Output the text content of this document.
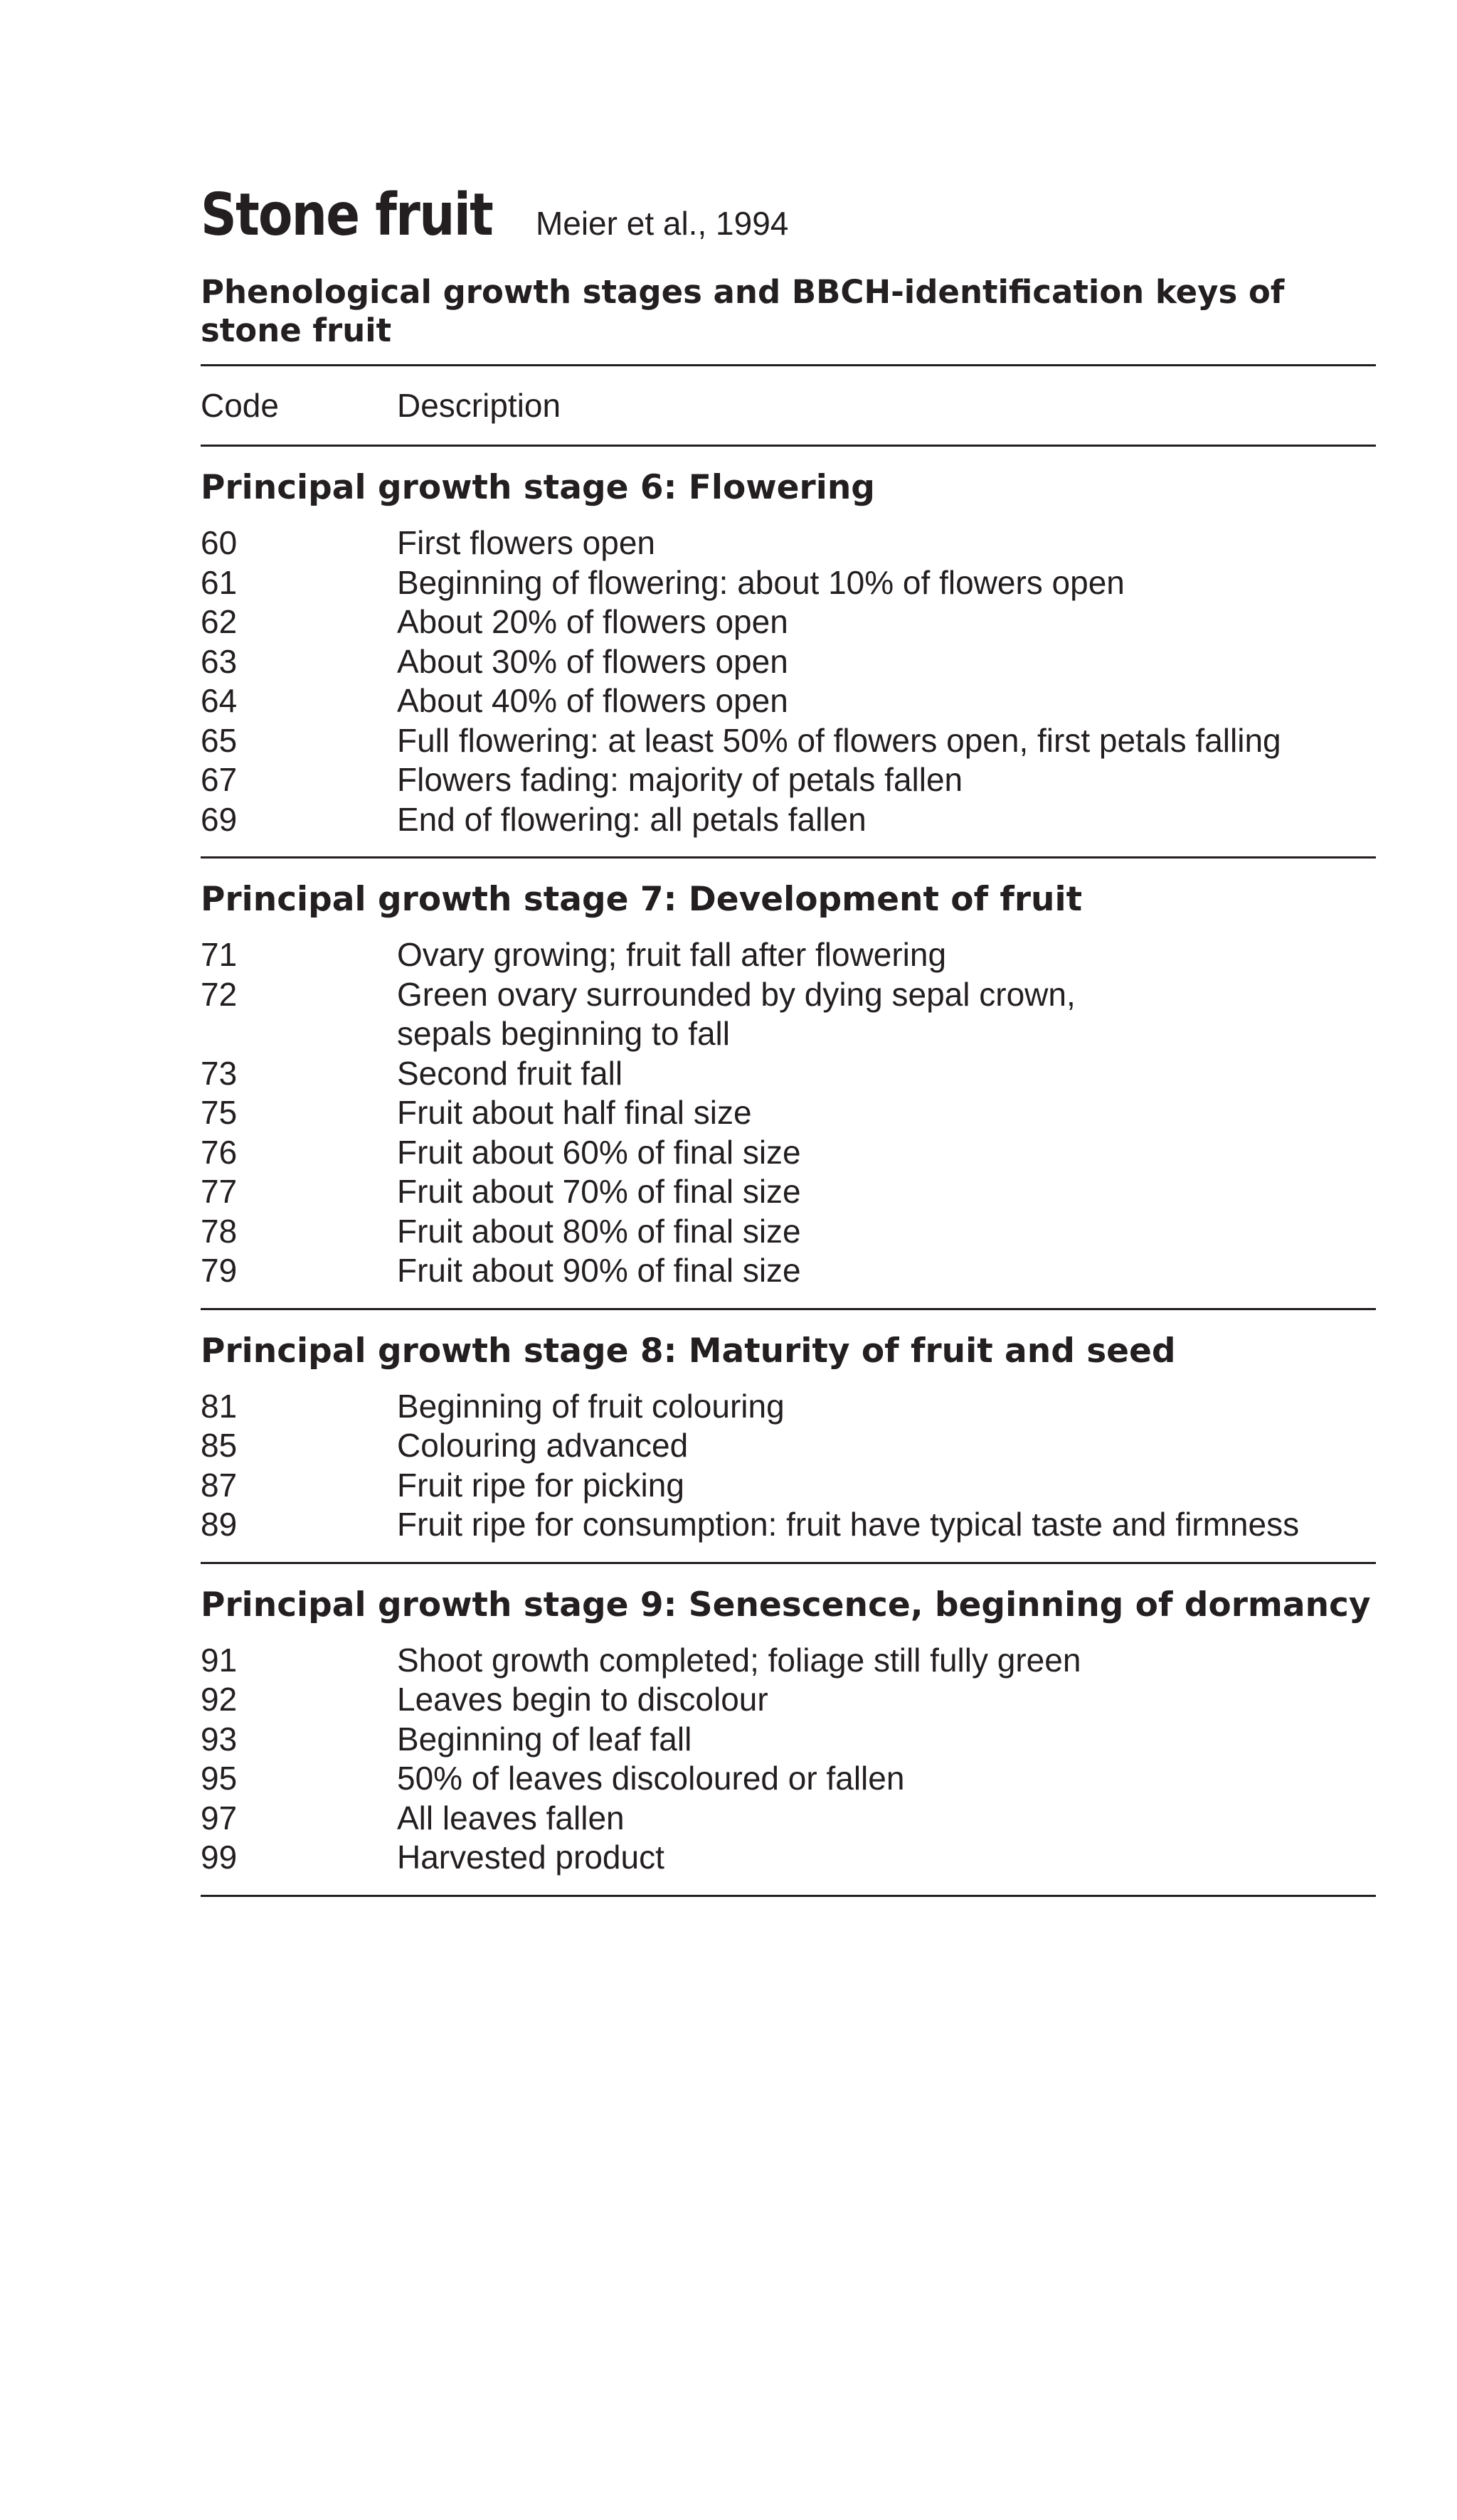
Stone fruit Meier et al., 1994
Phenological growth stages and BBCH-identification keys of stone fruit
Code	Description
Principal growth stage 6: Flowering
60	First flowers open
61	Beginning of flowering: about 10% of flowers open
62	About 20% of flowers open
63	About 30% of flowers open
64	About 40% of flowers open
65	Full flowering: at least 50% of flowers open, first petals falling
67	Flowers fading: majority of petals fallen
69	End of flowering: all petals fallen
Principal growth stage 7: Development of fruit
71	Ovary growing; fruit fall after flowering
72	Green ovary surrounded by dying sepal crown,
sepals beginning to fall
73	Second fruit fall
75	Fruit about half final size
76	Fruit about 60% of final size
77	Fruit about 70% of final size
78	Fruit about 80% of final size
79	Fruit about 90% of final size
Principal growth stage 8: Maturity of fruit and seed
81	Beginning of fruit colouring
85	Colouring advanced
87	Fruit ripe for picking
89	Fruit ripe for consumption: fruit have typical taste and firmness
Principal growth stage 9: Senescence, beginning of dormancy
91	Shoot growth completed; foliage still fully green
92	Leaves begin to discolour
93	Beginning of leaf fall
95	50% of leaves discoloured or fallen
97	All leaves fallen
99	Harvested product
